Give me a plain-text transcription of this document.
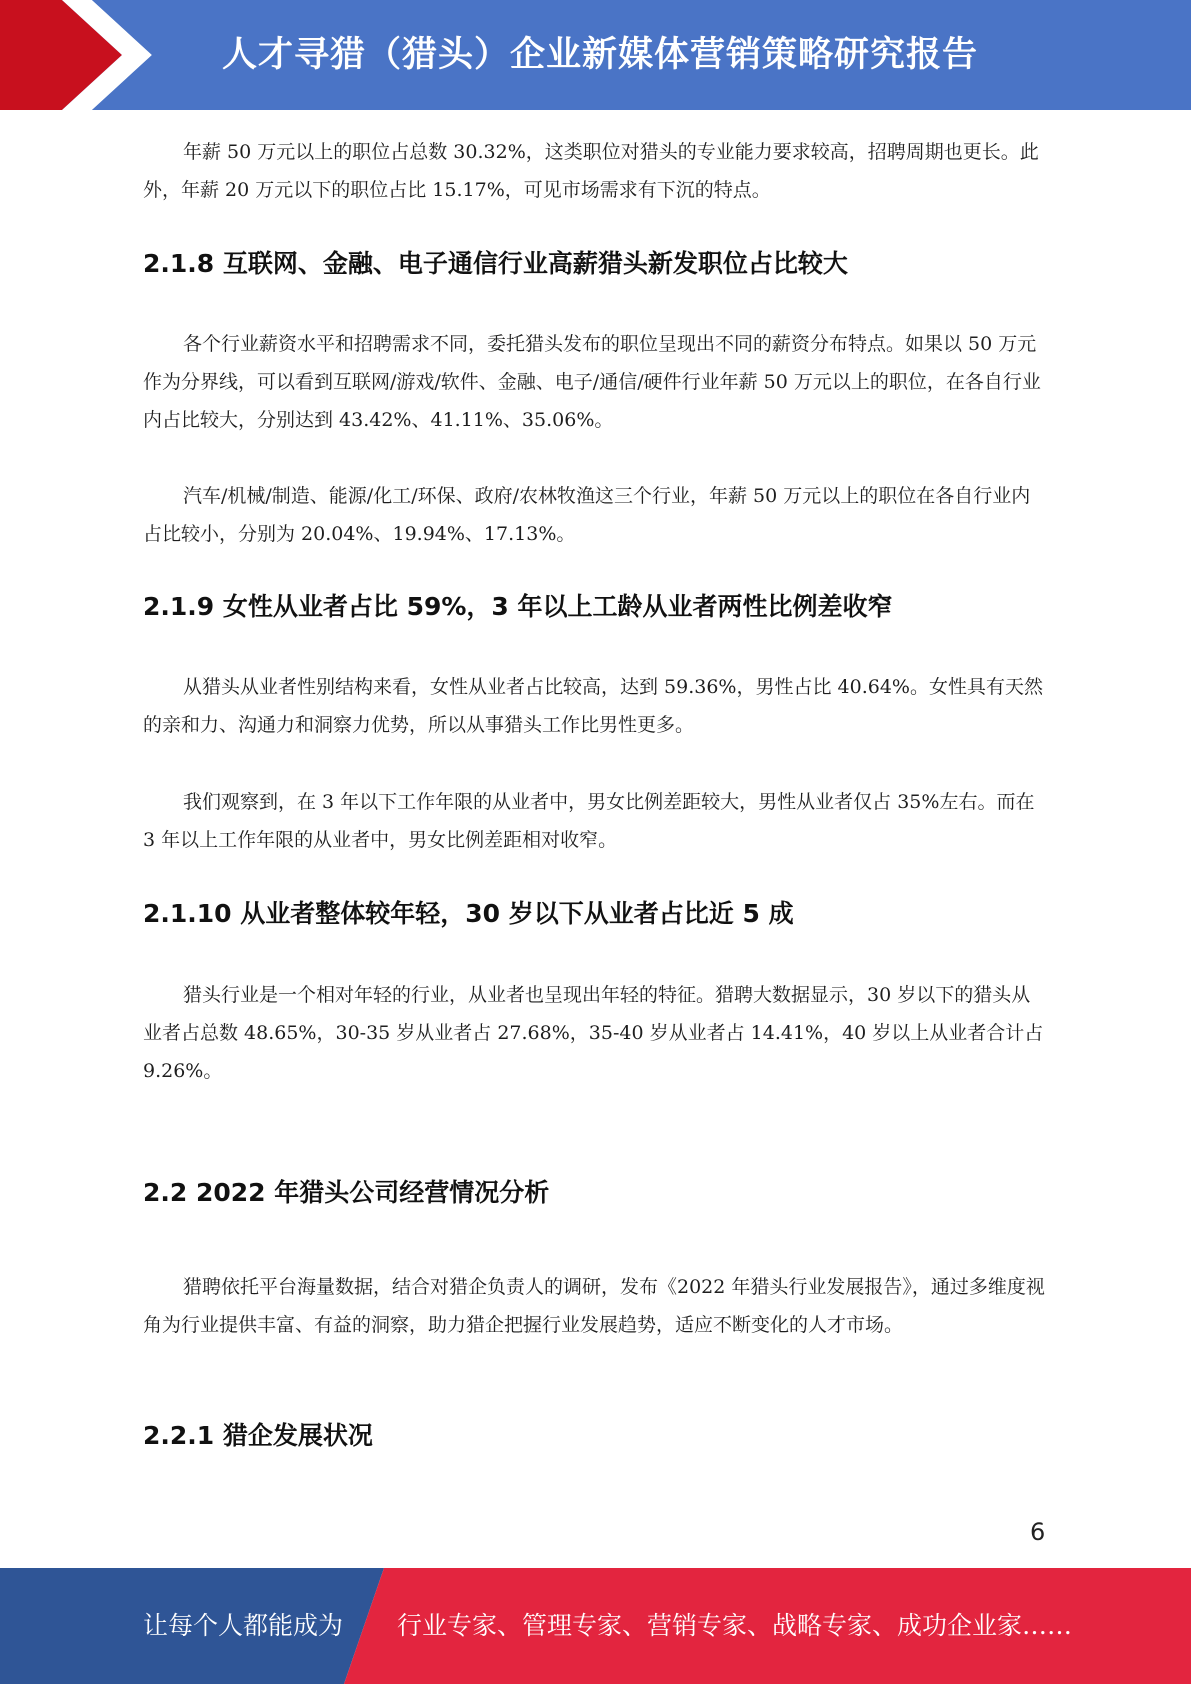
人才寻猎（猎头）企业新媒体营销策略研究报告

年薪 50 万元以上的职位占总数 30.32%，这类职位对猎头的专业能力要求较高，招聘周期也更长。此外，年薪 20 万元以下的职位占比 15.17%，可见市场需求有下沉的特点。

2.1.8 互联网、金融、电子通信行业高薪猎头新发职位占比较大

各个行业薪资水平和招聘需求不同，委托猎头发布的职位呈现出不同的薪资分布特点。如果以 50 万元作为分界线，可以看到互联网/游戏/软件、金融、电子/通信/硬件行业年薪 50 万元以上的职位，在各自行业内占比较大，分别达到 43.42%、41.11%、35.06%。

汽车/机械/制造、能源/化工/环保、政府/农林牧渔这三个行业，年薪 50 万元以上的职位在各自行业内占比较小，分别为 20.04%、19.94%、17.13%。

2.1.9 女性从业者占比 59%，3 年以上工龄从业者两性比例差收窄

从猎头从业者性别结构来看，女性从业者占比较高，达到 59.36%，男性占比 40.64%。女性具有天然的亲和力、沟通力和洞察力优势，所以从事猎头工作比男性更多。

我们观察到，在 3 年以下工作年限的从业者中，男女比例差距较大，男性从业者仅占 35%左右。而在 3 年以上工作年限的从业者中，男女比例差距相对收窄。

2.1.10 从业者整体较年轻，30 岁以下从业者占比近 5 成

猎头行业是一个相对年轻的行业，从业者也呈现出年轻的特征。猎聘大数据显示，30 岁以下的猎头从业者占总数 48.65%，30-35 岁从业者占 27.68%，35-40 岁从业者占 14.41%，40 岁以上从业者合计占 9.26%。

2.2 2022 年猎头公司经营情况分析

猎聘依托平台海量数据，结合对猎企负责人的调研，发布《2022 年猎头行业发展报告》，通过多维度视角为行业提供丰富、有益的洞察，助力猎企把握行业发展趋势，适应不断变化的人才市场。

2.2.1 猎企发展状况
6
让每个人都能成为 行业专家、管理专家、营销专家、战略专家、成功企业家……
